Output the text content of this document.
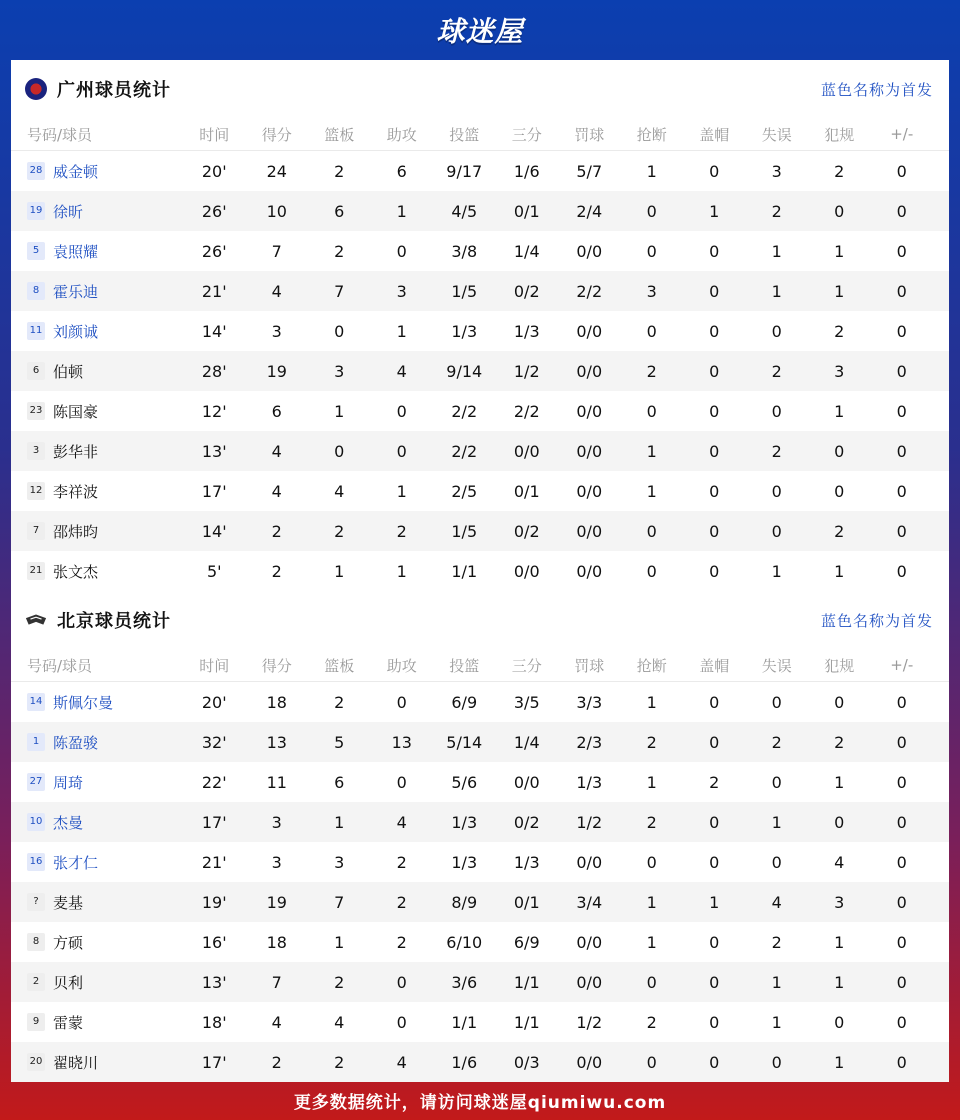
球迷屋
广州球员统计	蓝色名称为首发
号码/球员	时间	得分	篮板	助攻	投篮	三分	罚球	抢断	盖帽	失误	犯规	+/-
28 威金顿	20'	24	2	6	9/17	1/6	5/7	1	0	3	2	0
19 徐昕	26'	10	6	1	4/5	0/1	2/4	0	1	2	0	0
5 袁照耀	26'	7	2	0	3/8	1/4	0/0	0	0	1	1	0
8 霍乐迪	21'	4	7	3	1/5	0/2	2/2	3	0	1	1	0
11 刘颜诚	14'	3	0	1	1/3	1/3	0/0	0	0	0	2	0
6 伯顿	28'	19	3	4	9/14	1/2	0/0	2	0	2	3	0
23 陈国豪	12'	6	1	0	2/2	2/2	0/0	0	0	0	1	0
3 彭华非	13'	4	0	0	2/2	0/0	0/0	1	0	2	0	0
12 李祥波	17'	4	4	1	2/5	0/1	0/0	1	0	0	0	0
7 邵炜昀	14'	2	2	2	1/5	0/2	0/0	0	0	0	2	0
21 张文杰	5'	2	1	1	1/1	0/0	0/0	0	0	1	1	0
北京球员统计	蓝色名称为首发
号码/球员	时间	得分	篮板	助攻	投篮	三分	罚球	抢断	盖帽	失误	犯规	+/-
14 斯佩尔曼	20'	18	2	0	6/9	3/5	3/3	1	0	0	0	0
1 陈盈骏	32'	13	5	13	5/14	1/4	2/3	2	0	2	2	0
27 周琦	22'	11	6	0	5/6	0/0	1/3	1	2	0	1	0
10 杰曼	17'	3	1	4	1/3	0/2	1/2	2	0	1	0	0
16 张才仁	21'	3	3	2	1/3	1/3	0/0	0	0	0	4	0
? 麦基	19'	19	7	2	8/9	0/1	3/4	1	1	4	3	0
8 方硕	16'	18	1	2	6/10	6/9	0/0	1	0	2	1	0
2 贝利	13'	7	2	0	3/6	1/1	0/0	0	0	1	1	0
9 雷蒙	18'	4	4	0	1/1	1/1	1/2	2	0	1	0	0
20 翟晓川	17'	2	2	4	1/6	0/3	0/0	0	0	0	1	0
更多数据统计，请访问球迷屋qiumiwu.com
